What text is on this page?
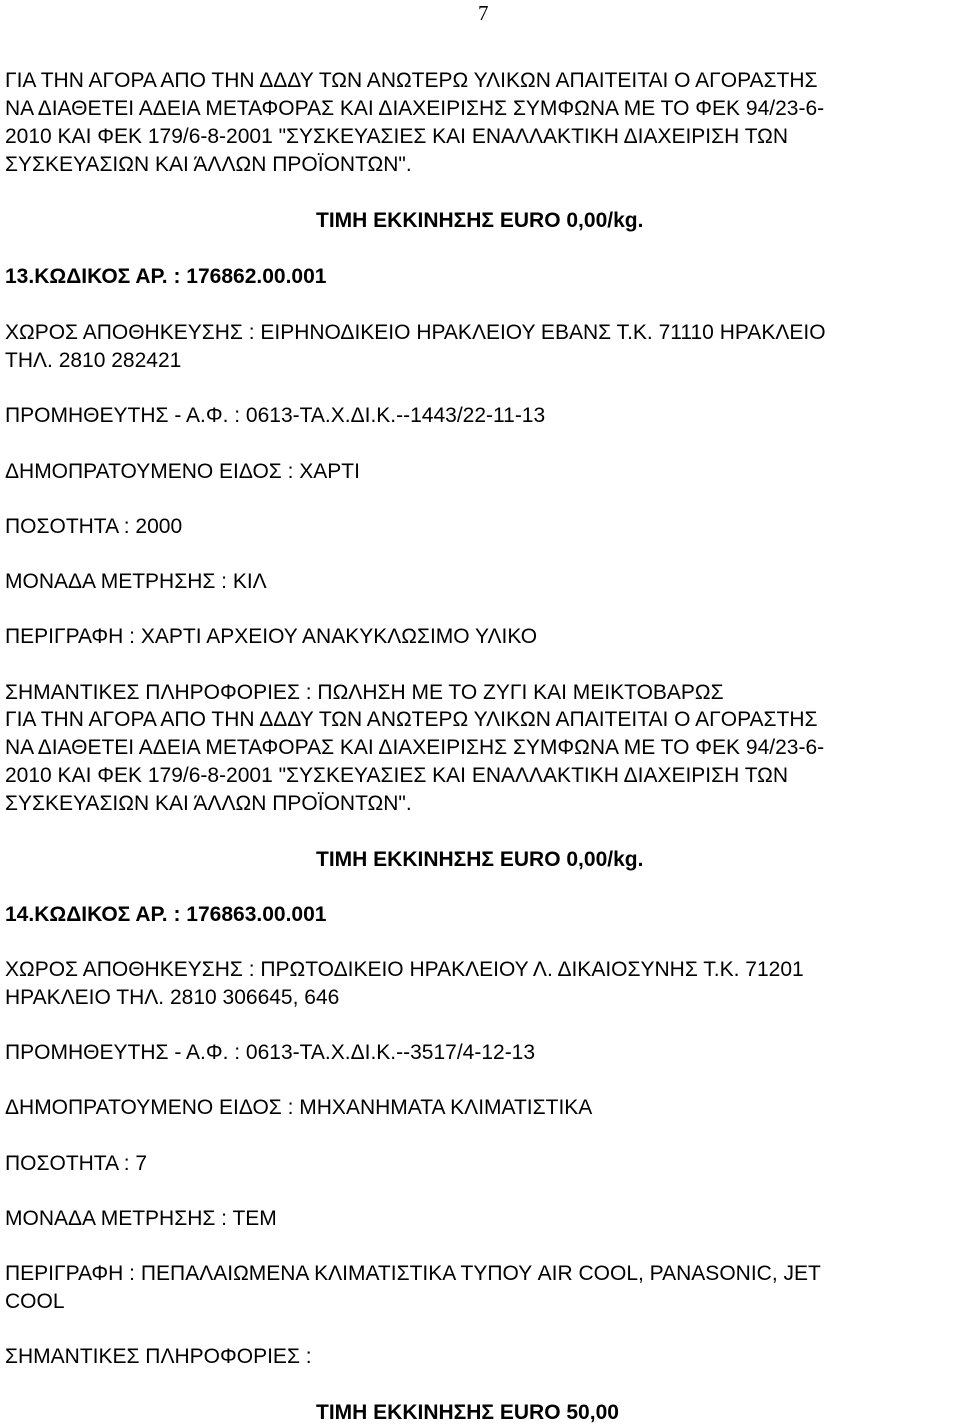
7

ΓΙΑ ΤΗΝ ΑΓΟΡΑ ΑΠΟ ΤΗΝ ΔΔΔΥ ΤΩΝ ΑΝΩΤΕΡΩ ΥΛΙΚΩΝ ΑΠΑΙΤΕΙΤΑΙ Ο ΑΓΟΡΑΣΤΗΣ

ΝΑ ΔΙΑΘΕΤΕΙ ΑΔΕΙΑ ΜΕΤΑΦΟΡΑΣ ΚΑΙ ΔΙΑΧΕΙΡΙΣΗΣ ΣΥΜΦΩΝΑ ΜΕ ΤΟ ΦΕΚ 94/23-6-

2010 ΚΑΙ ΦΕΚ 179/6-8-2001 "ΣΥΣΚΕΥΑΣΙΕΣ ΚΑΙ ΕΝΑΛΛΑΚΤΙΚΗ ΔΙΑΧΕΙΡΙΣΗ ΤΩΝ

ΣΥΣΚΕΥΑΣΙΩΝ ΚΑΙ ΆΛΛΩΝ ΠΡΟΪΟΝΤΩΝ".

ΤΙΜΗ ΕΚΚΙΝΗΣΗΣ EURO 0,00/kg.

13.ΚΩΔΙΚΟΣ ΑΡ. : 176862.00.001

ΧΩΡΟΣ ΑΠΟΘΗΚΕΥΣΗΣ : ΕΙΡΗΝΟΔΙΚΕΙΟ ΗΡΑΚΛΕΙΟΥ ΕΒΑΝΣ Τ.Κ. 71110 ΗΡΑΚΛΕΙΟ

ΤΗΛ. 2810 282421

ΠΡΟΜΗΘΕΥΤΗΣ - Α.Φ. : 0613-ΤΑ.Χ.ΔΙ.Κ.--1443/22-11-13

ΔΗΜΟΠΡΑΤΟΥΜΕΝΟ ΕΙΔΟΣ : ΧΑΡΤΙ

ΠΟΣΟΤΗΤΑ : 2000

ΜΟΝΑΔΑ ΜΕΤΡΗΣΗΣ : ΚΙΛ

ΠΕΡΙΓΡΑΦΗ : ΧΑΡΤΙ ΑΡΧΕΙΟΥ ΑΝΑΚΥΚΛΩΣΙΜΟ ΥΛΙΚΟ

ΣΗΜΑΝΤΙΚΕΣ ΠΛΗΡΟΦΟΡΙΕΣ : ΠΩΛΗΣΗ ΜΕ ΤΟ ΖΥΓΙ ΚΑΙ ΜΕΙΚΤΟΒΑΡΩΣ

ΓΙΑ ΤΗΝ ΑΓΟΡΑ ΑΠΟ ΤΗΝ ΔΔΔΥ ΤΩΝ ΑΝΩΤΕΡΩ ΥΛΙΚΩΝ ΑΠΑΙΤΕΙΤΑΙ Ο ΑΓΟΡΑΣΤΗΣ

ΝΑ ΔΙΑΘΕΤΕΙ ΑΔΕΙΑ ΜΕΤΑΦΟΡΑΣ ΚΑΙ ΔΙΑΧΕΙΡΙΣΗΣ ΣΥΜΦΩΝΑ ΜΕ ΤΟ ΦΕΚ 94/23-6-

2010 ΚΑΙ ΦΕΚ 179/6-8-2001 "ΣΥΣΚΕΥΑΣΙΕΣ ΚΑΙ ΕΝΑΛΛΑΚΤΙΚΗ ΔΙΑΧΕΙΡΙΣΗ ΤΩΝ

ΣΥΣΚΕΥΑΣΙΩΝ ΚΑΙ ΆΛΛΩΝ ΠΡΟΪΟΝΤΩΝ".

ΤΙΜΗ ΕΚΚΙΝΗΣΗΣ EURO 0,00/kg.

14.ΚΩΔΙΚΟΣ ΑΡ. : 176863.00.001

ΧΩΡΟΣ ΑΠΟΘΗΚΕΥΣΗΣ : ΠΡΩΤΟΔΙΚΕΙΟ ΗΡΑΚΛΕΙΟΥ Λ. ΔΙΚΑΙΟΣΥΝΗΣ Τ.Κ. 71201

ΗΡΑΚΛΕΙΟ ΤΗΛ. 2810 306645, 646

ΠΡΟΜΗΘΕΥΤΗΣ - Α.Φ. : 0613-ΤΑ.Χ.ΔΙ.Κ.--3517/4-12-13

ΔΗΜΟΠΡΑΤΟΥΜΕΝΟ ΕΙΔΟΣ : ΜΗΧΑΝΗΜΑΤΑ ΚΛΙΜΑΤΙΣΤΙΚΑ

ΠΟΣΟΤΗΤΑ : 7

ΜΟΝΑΔΑ ΜΕΤΡΗΣΗΣ : ΤΕΜ

ΠΕΡΙΓΡΑΦΗ : ΠΕΠΑΛΑΙΩΜΕΝΑ ΚΛΙΜΑΤΙΣΤΙΚΑ ΤΥΠΟΥ AIR COOL, PANASONIC, JET

COOL

ΣΗΜΑΝΤΙΚΕΣ ΠΛΗΡΟΦΟΡΙΕΣ :

ΤΙΜΗ ΕΚΚΙΝΗΣΗΣ EURO 50,00
